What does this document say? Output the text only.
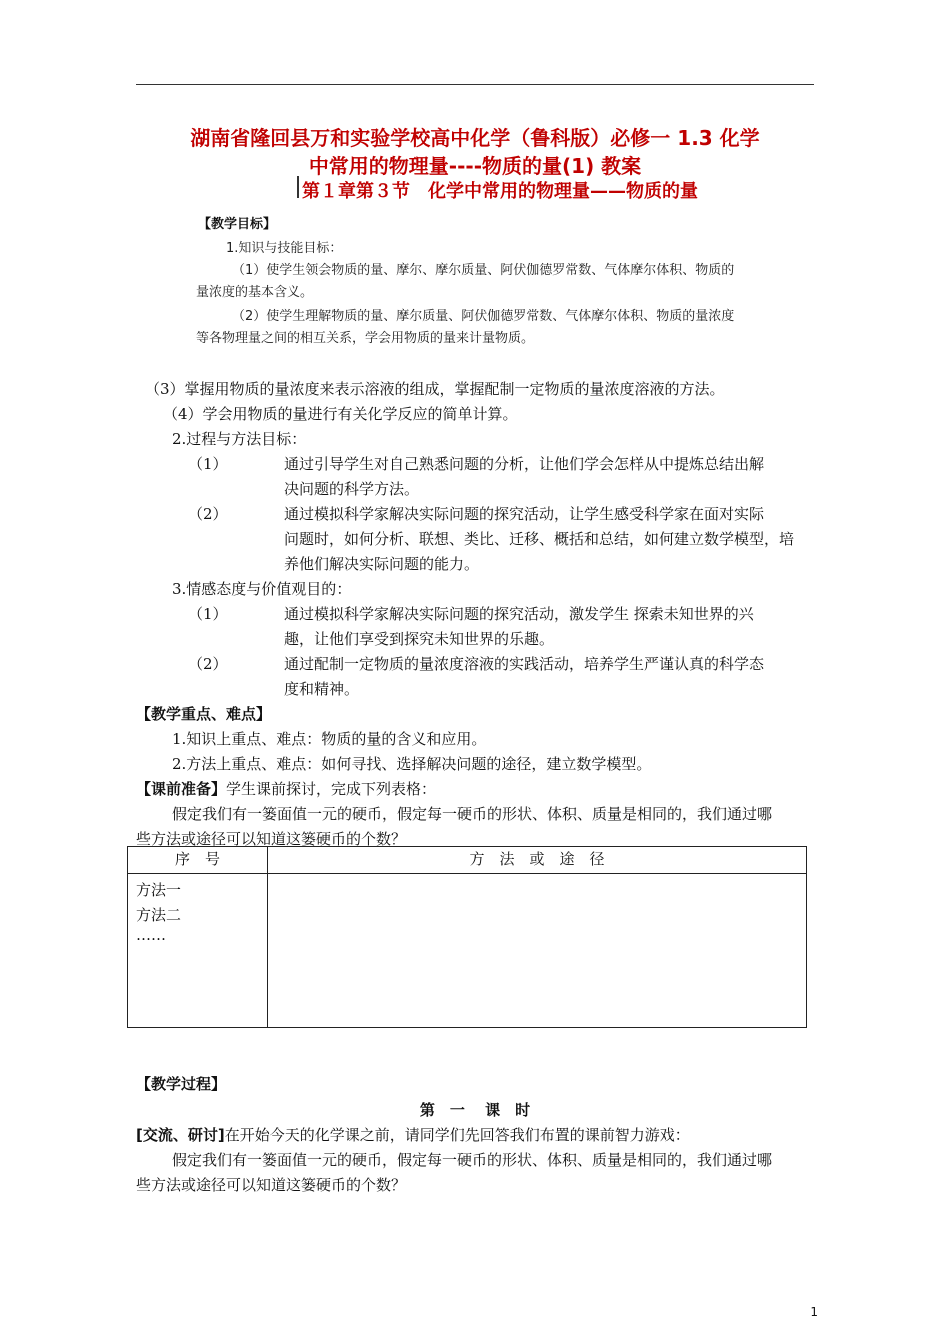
湖南省隆回县万和实验学校高中化学（鲁科版）必修一 1.3 化学
中常用的物理量----物质的量(1) 教案
第１章第３节　化学中常用的物理量——物质的量
【教学目标】
1.知识与技能目标：
（1）使学生领会物质的量、摩尔、摩尔质量、阿伏伽德罗常数、气体摩尔体积、物质的
量浓度的基本含义。
（2）使学生理解物质的量、摩尔质量、阿伏伽德罗常数、气体摩尔体积、物质的量浓度
等各物理量之间的相互关系，学会用物质的量来计量物质。
（3）掌握用物质的量浓度来表示溶液的组成，掌握配制一定物质的量浓度溶液的方法。
（4）学会用物质的量进行有关化学反应的简单计算。
2.过程与方法目标：
（1）	通过引导学生对自己熟悉问题的分析，让他们学会怎样从中提炼总结出解
决问题的科学方法。
（2）	通过模拟科学家解决实际问题的探究活动，让学生感受科学家在面对实际
问题时，如何分析、联想、类比、迁移、概括和总结，如何建立数学模型，培
养他们解决实际问题的能力。
3.情感态度与价值观目的：
（1）	通过模拟科学家解决实际问题的探究活动，激发学生 探索未知世界的兴
趣，让他们享受到探究未知世界的乐趣。
（2）	通过配制一定物质的量浓度溶液的实践活动，培养学生严谨认真的科学态
度和精神。
【教学重点、难点】
1.知识上重点、难点：物质的量的含义和应用。
2.方法上重点、难点：如何寻找、选择解决问题的途径，建立数学模型。
【课前准备】学生课前探讨，完成下列表格：
假定我们有一篓面值一元的硬币，假定每一硬币的形状、体积、质量是相同的，我们通过哪
些方法或途径可以知道这篓硬币的个数？
序　号	方　法　或　途　径

方法一
方法二
……	

【教学过程】
第　一　 课　时
[交流、研讨]在开始今天的化学课之前，请同学们先回答我们布置的课前智力游戏：
假定我们有一篓面值一元的硬币，假定每一硬币的形状、体积、质量是相同的，我们通过哪
些方法或途径可以知道这篓硬币的个数？
1
